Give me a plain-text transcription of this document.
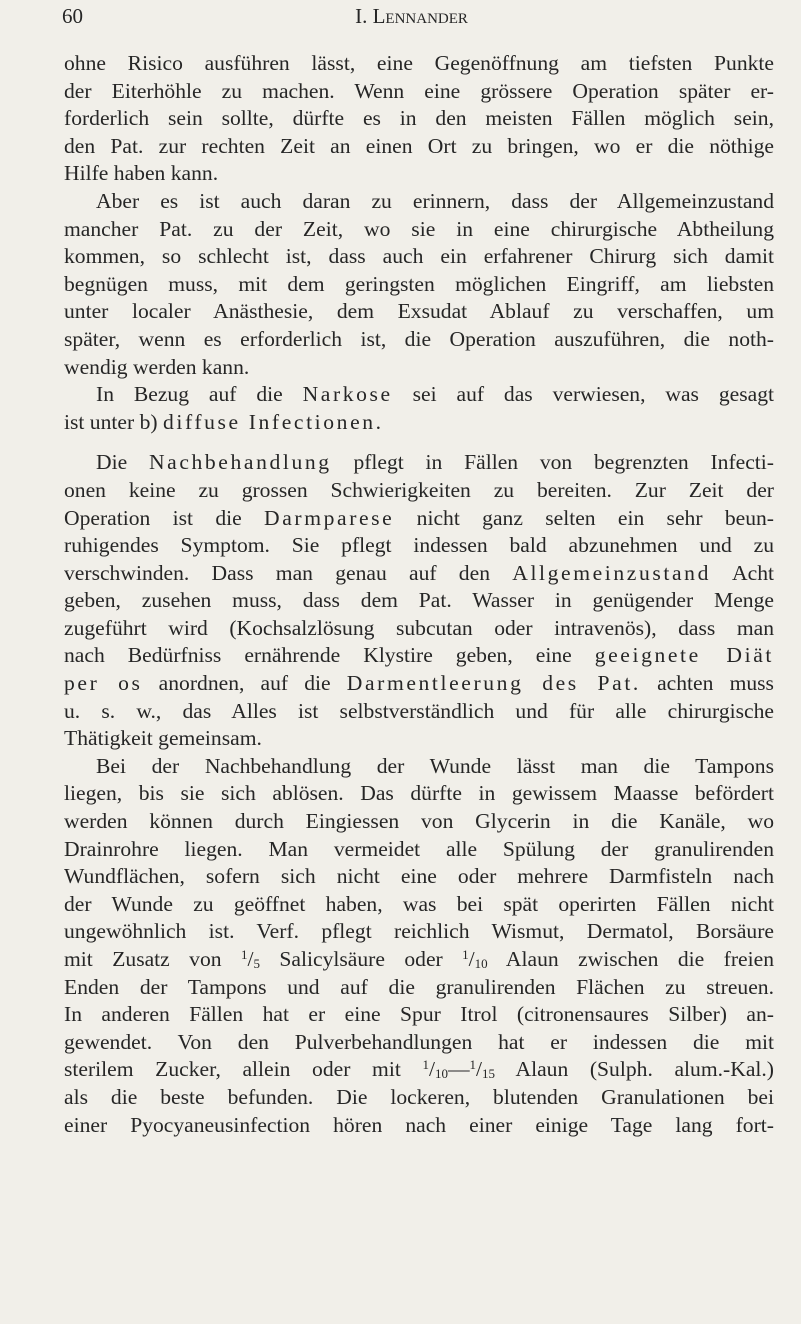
60	I. Lennander
ohne Risico ausführen lässt, eine Gegenöffnung am tiefsten Punkte
der Eiterhöhle zu machen. Wenn eine grössere Operation später er-
forderlich sein sollte, dürfte es in den meisten Fällen möglich sein,
den Pat. zur rechten Zeit an einen Ort zu bringen, wo er die nöthige
Hilfe haben kann.
Aber es ist auch daran zu erinnern, dass der Allgemeinzustand
mancher Pat. zu der Zeit, wo sie in eine chirurgische Abtheilung
kommen, so schlecht ist, dass auch ein erfahrener Chirurg sich damit
begnügen muss, mit dem geringsten möglichen Eingriff, am liebsten
unter localer Anästhesie, dem Exsudat Ablauf zu verschaffen, um
später, wenn es erforderlich ist, die Operation auszuführen, die noth-
wendig werden kann.
In Bezug auf die Narkose sei auf das verwiesen, was gesagt
ist unter b) diffuse Infectionen.
Die Nachbehandlung pflegt in Fällen von begrenzten Infecti-
onen keine zu grossen Schwierigkeiten zu bereiten. Zur Zeit der
Operation ist die Darmparese nicht ganz selten ein sehr beun-
ruhigendes Symptom. Sie pflegt indessen bald abzunehmen und zu
verschwinden. Dass man genau auf den Allgemeinzustand Acht
geben, zusehen muss, dass dem Pat. Wasser in genügender Menge
zugeführt wird (Kochsalzlösung subcutan oder intravenös), dass man
nach Bedürfniss ernährende Klystire geben, eine geeignete Diät
per os anordnen, auf die Darmentleerung des Pat. achten muss
u. s. w., das Alles ist selbstverständlich und für alle chirurgische
Thätigkeit gemeinsam.
Bei der Nachbehandlung der Wunde lässt man die Tampons
liegen, bis sie sich ablösen. Das dürfte in gewissem Maasse befördert
werden können durch Eingiessen von Glycerin in die Kanäle, wo
Drainrohre liegen. Man vermeidet alle Spülung der granulirenden
Wundflächen, sofern sich nicht eine oder mehrere Darmfisteln nach
der Wunde zu geöffnet haben, was bei spät operirten Fällen nicht
ungewöhnlich ist. Verf. pflegt reichlich Wismut, Dermatol, Borsäure
mit Zusatz von $^1/_5$ Salicylsäure oder $^1/_{10}$ Alaun zwischen die freien
Enden der Tampons und auf die granulirenden Flächen zu streuen.
In anderen Fällen hat er eine Spur Itrol (citronensaures Silber) an-
gewendet. Von den Pulverbehandlungen hat er indessen die mit
sterilem Zucker, allein oder mit $^1/_{10}—^1/_{15}$ Alaun (Sulph. alum.-Kal.)
als die beste befunden. Die lockeren, blutenden Granulationen bei
einer Pyocyaneusinfection hören nach einer einige Tage lang fort-
